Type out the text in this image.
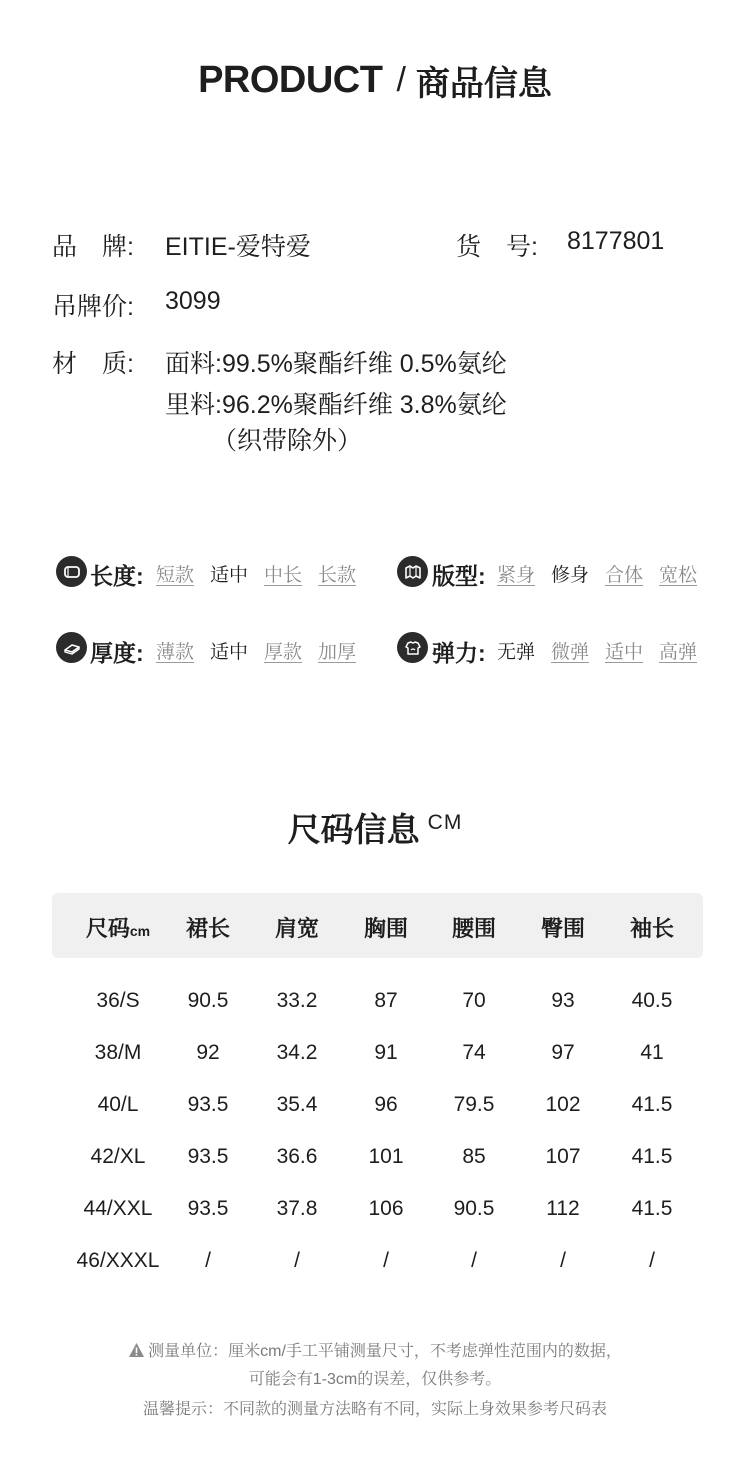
PRODUCT / 商品信息
品　牌: EITIE-爱特爱	货　号: 8177801
吊牌价: 3099
材　质: 面料:99.5%聚酯纤维 0.5%氨纶
里料:96.2%聚酯纤维 3.8%氨纶
（织带除外）
长度: 短款 适中 中长 长款	版型: 紧身 修身 合体 宽松
厚度: 薄款 适中 厚款 加厚	弹力: 无弹 微弹 适中 高弹
尺码信息 CM
尺码cm	裙长	肩宽	胸围	腰围	臀围	袖长
36/S	90.5	33.2	87	70	93	40.5
38/M	92	34.2	91	74	97	41
40/L	93.5	35.4	96	79.5	102	41.5
42/XL	93.5	36.6	101	85	107	41.5
44/XXL	93.5	37.8	106	90.5	112	41.5
46/XXXL	/	/	/	/	/	/
测量单位：厘米cm/手工平铺测量尺寸，不考虑弹性范围内的数据，
可能会有1-3cm的误差，仅供参考。
温馨提示：不同款的测量方法略有不同，实际上身效果参考尺码表
